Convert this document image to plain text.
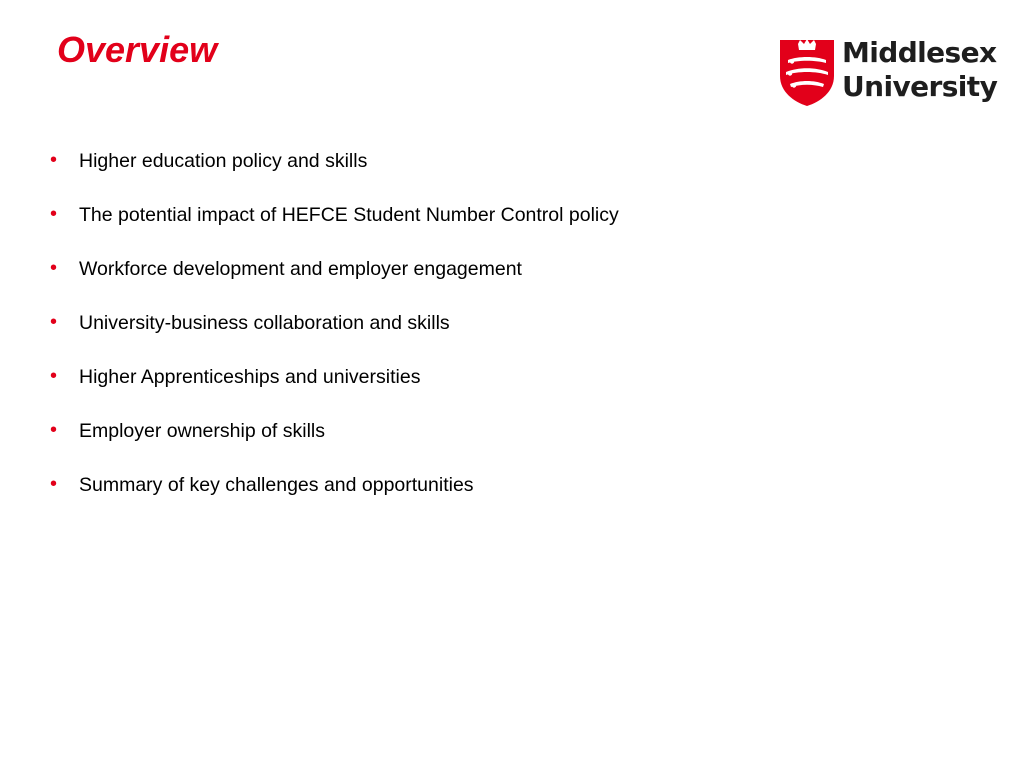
Overview	Middlesex
University
• Higher education policy and skills
• The potential impact of HEFCE Student Number Control policy
• Workforce development and employer engagement
• University-business collaboration and skills
• Higher Apprenticeships and universities
• Employer ownership of skills
• Summary of key challenges and opportunities
